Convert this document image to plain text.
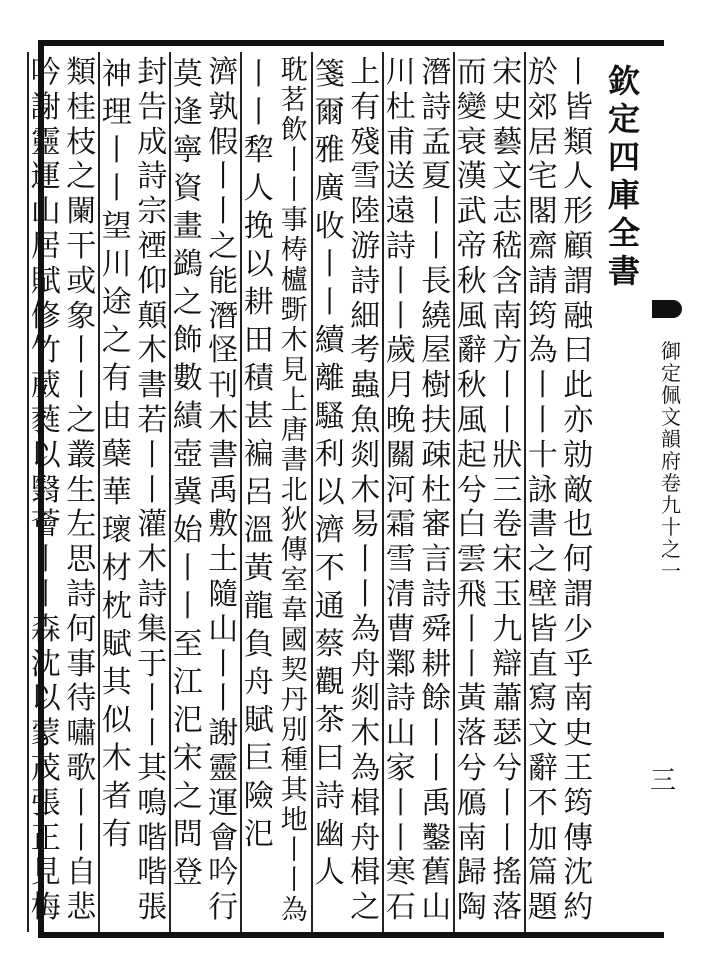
欽
定
四
庫
全
書
御
定
佩
文
韻
府
卷
九
十
之
一
三
丨
皆
類
人
形
顧
謂
融
曰
此
亦
勍
敵
也
何
謂
少
乎
南
史
王
筠
傳
沈
約
於
郊
居
宅
閣
齋
請
筠
為
丨
丨
十
詠
書
之
壁
皆
直
寫
文
辭
不
加
篇
題
宋
史
藝
文
志
嵇
含
南
方
丨
丨
狀
三
卷
宋
玉
九
辯
蕭
瑟
兮
丨
丨
搖
落
而
變
衰
漢
武
帝
秋
風
辭
秋
風
起
兮
白
雲
飛
丨
丨
黃
落
兮
鴈
南
歸
陶
潛
詩
孟
夏
丨
丨
長
繞
屋
樹
扶
疎
杜
審
言
詩
舜
耕
餘
丨
丨
禹
鑿
舊
山
川
杜
甫
送
遠
詩
丨
丨
歲
月
晚
關
河
霜
雪
清
曹
鄴
詩
山
家
丨
丨
寒
石
上
有
殘
雪
陸
游
詩
細
考
蟲
魚
剡
木
易
丨
丨
為
舟
剡
木
為
楫
舟
楫
之
箋
爾
雅
廣
收
丨
丨
續
離
騷
利
以
濟
不
通
蔡
觀
茶
曰
詩
幽
人
耽
茗
飲
丨
丨
事
梼
櫨
斲
木
見
上
唐
書
北
狄
傳
室
韋
國
契
丹
別
種
其
地
丨
丨
為
丨
丨
犂
人
挽
以
耕
田
積
甚
褊
呂
溫
黃
龍
負
舟
賦
巨
險
汜
濟
孰
假
丨
丨
之
能
潛
怪
刊
木
書
禹
敷
土
隨
山
丨
丨
謝
靈
運
會
吟
行
莫
逢
寧
資
畫
鷁
之
飾
數
績
壺
冀
始
丨
丨
至
江
汜
宋
之
問
登
封
告
成
詩
宗
禋
仰
顛
木
書
若
丨
丨
灌
木
詩
集
于
丨
丨
其
鳴
喈
喈
張
神
理
丨
丨
望
川
途
之
有
由
蘖
華
瓌
材
枕
賦
其
似
木
者
有
類
桂
枝
之
闌
干
或
象
丨
丨
之
叢
生
左
思
詩
何
事
待
嘯
歌
丨
丨
自
悲
吟
謝
靈
運
山
居
賦
修
竹
葳
蕤
以
翳
薈
丨
丨
森
沈
以
蒙
茂
張
正
見
梅
